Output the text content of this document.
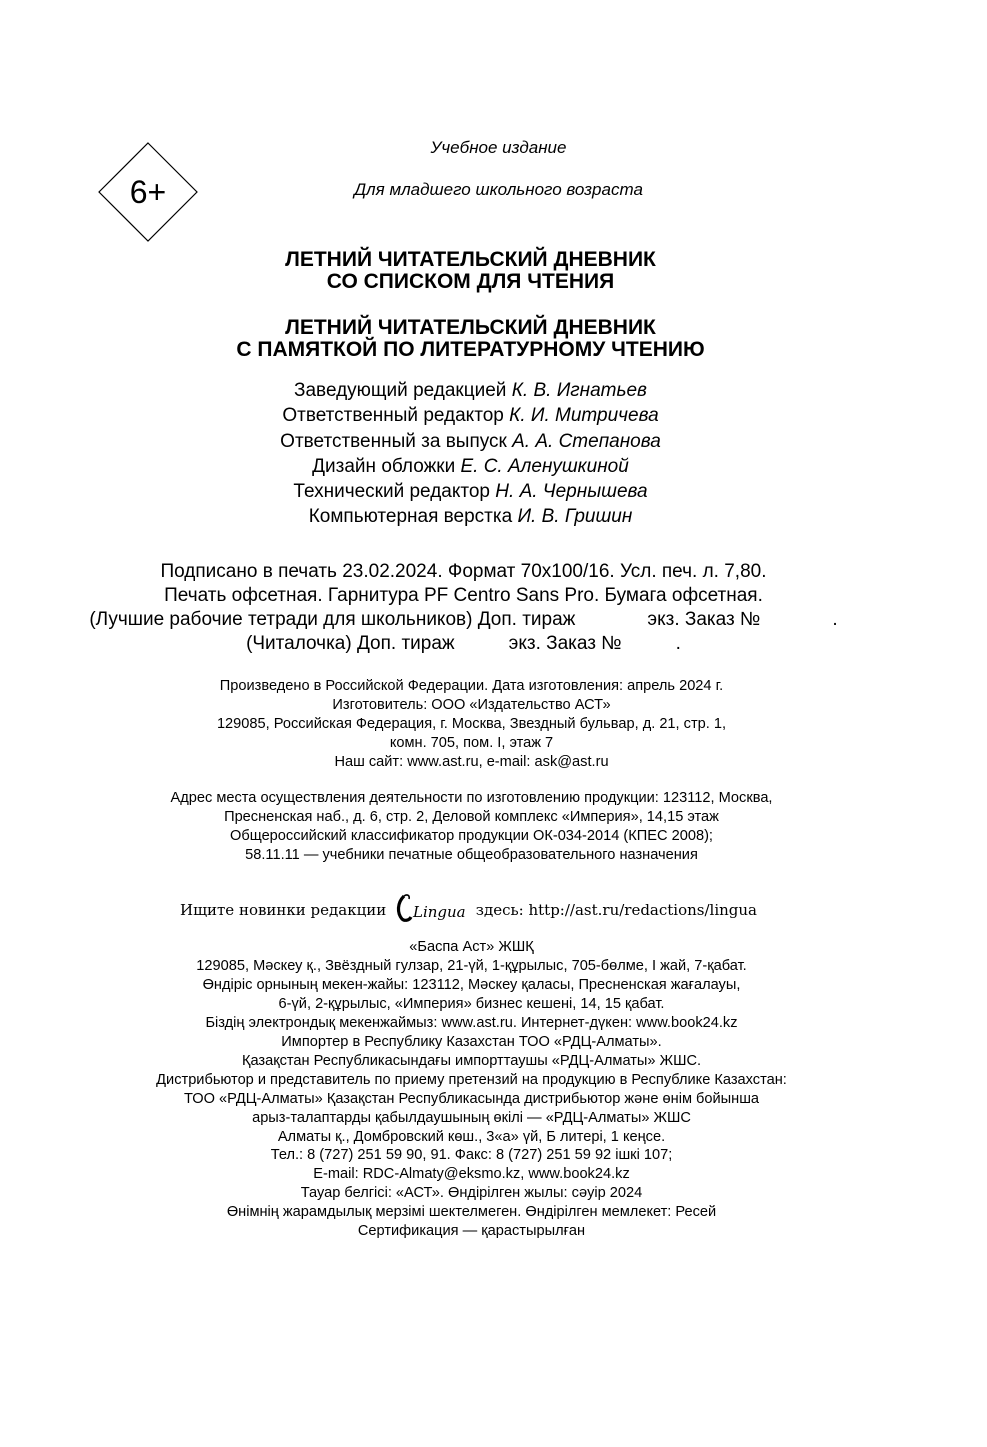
6+
Учебное издание
Для младшего школьного возраста
ЛЕТНИЙ ЧИТАТЕЛЬСКИЙ ДНЕВНИК
СО СПИСКОМ ДЛЯ ЧТЕНИЯ
ЛЕТНИЙ ЧИТАТЕЛЬСКИЙ ДНЕВНИК
С ПАМЯТКОЙ ПО ЛИТЕРАТУРНОМУ ЧТЕНИЮ
Заведующий редакцией К. В. Игнатьев
Ответственный редактор К. И. Митричева
Ответственный за выпуск А. А. Степанова
Дизайн обложки Е. С. Аленушкиной
Технический редактор Н. А. Чернышева
Компьютерная верстка И. В. Гришин
Подписано в печать 23.02.2024. Формат 70x100/16. Усл. печ. л. 7,80.
Печать офсетная. Гарнитура PF Centro Sans Pro. Бумага офсетная.
(Лучшие рабочие тетради для школьников) Доп. тираж	экз. Заказ №	.
(Читалочка) Доп. тираж	экз. Заказ №	.
Произведено в Российской Федерации. Дата изготовления: апрель 2024 г.
Изготовитель: ООО «Издательство АСТ»
129085, Российская Федерация, г. Москва, Звездный бульвар, д. 21, стр. 1,
комн. 705, пом. I, этаж 7
Наш сайт: www.ast.ru, e-mail: ask@ast.ru
Адрес места осуществления деятельности по изготовлению продукции: 123112, Москва,
Пресненская наб., д. 6, стр. 2, Деловой комплекс «Империя», 14,15 этаж
Общероссийский классификатор продукции ОК-034-2014 (КПЕС 2008);
58.11.11 — учебники печатные общеобразовательного назначения
Ищите новинки редакции Lingua здесь: http://ast.ru/redactions/lingua
«Баспа Аст» ЖШҚ
129085, Мәскеу қ., Звёздный гулзар, 21-үй, 1-құрылыс, 705-бөлме, I жай, 7-қабат.
Өндіріс орнының мекен-жайы: 123112, Мәскеу қаласы, Пресненская жағалауы,
6-үй, 2-құрылыс, «Империя» бизнес кешені, 14, 15 қабат.
Біздің электрондық мекенжаймыз: www.ast.ru. Интернет-дүкен: www.book24.kz
Импортер в Республику Казахстан ТОО «РДЦ-Алматы».
Қазақстан Республикасындағы импорттаушы «РДЦ-Алматы» ЖШС.
Дистрибьютор и представитель по приему претензий на продукцию в Республике Казахстан:
ТОО «РДЦ-Алматы» Қазақстан Республикасында дистрибьютор және өнім бойынша
арыз-талаптарды қабылдаушының өкілі — «РДЦ-Алматы» ЖШС
Алматы қ., Домбровский көш., 3«а» үй, Б литері, 1 кеңсе.
Тел.: 8 (727) 251 59 90, 91. Факс: 8 (727) 251 59 92 ішкі 107;
E-mail: RDC-Almaty@eksmo.kz, www.book24.kz
Тауар белгісі: «АСТ». Өндірілген жылы: сәуір 2024
Өнімнің жарамдылық мерзімі шектелмеген. Өндірілген мемлекет: Ресей
Сертификация — қарастырылған
